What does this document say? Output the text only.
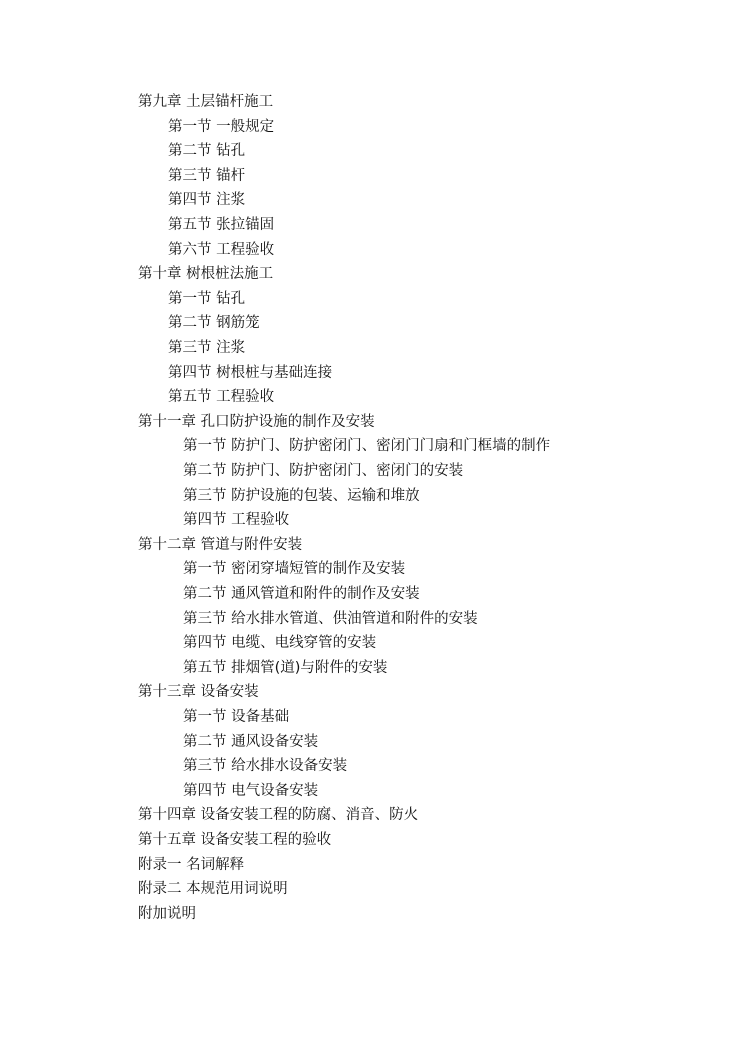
第九章 土层锚杆施工
第一节 一般规定
第二节 钻孔
第三节 锚杆
第四节 注浆
第五节 张拉锚固
第六节 工程验收
第十章 树根桩法施工
第一节 钻孔
第二节 钢筋笼
第三节 注浆
第四节 树根桩与基础连接
第五节 工程验收
第十一章 孔口防护设施的制作及安装
第一节 防护门、防护密闭门、密闭门门扇和门框墙的制作
第二节 防护门、防护密闭门、密闭门的安装
第三节 防护设施的包装、运输和堆放
第四节 工程验收
第十二章 管道与附件安装
第一节 密闭穿墙短管的制作及安装
第二节 通风管道和附件的制作及安装
第三节 给水排水管道、供油管道和附件的安装
第四节 电缆、电线穿管的安装
第五节 排烟管(道)与附件的安装
第十三章 设备安装
第一节 设备基础
第二节 通风设备安装
第三节 给水排水设备安装
第四节 电气设备安装
第十四章 设备安装工程的防腐、消音、防火
第十五章 设备安装工程的验收
附录一 名词解释
附录二 本规范用词说明
附加说明
